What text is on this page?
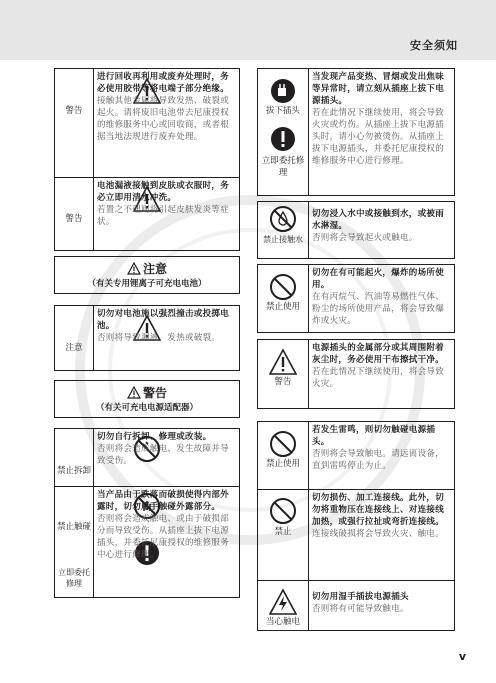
安全须知
警告
警告
进行回收再利用或废弃处理时，务必使用胶带等将电端子部分绝缘。
接触其他金属将导致发热、破裂或起火。请将废旧电池带去尼康授权的维修服务中心或回收商，或者根据当地法规进行废弃处理。
电池漏液接触到皮肤或衣服时，务必立即用清水冲洗。
若置之不理则将引起皮肤发炎等症状。
注意
（有关专用锂离子可充电电池）
注意
切勿对电池施以强烈撞击或投掷电池。
否则将导致漏液、发热或破裂。
警告
（有关可充电电源适配器）
禁止拆卸
禁止触碰
立即委托修理
切勿自行拆卸、修理或改装。
否则将会造成触电、发生故障并导致受伤。
当产品由于跌落而破损使得内部外露时，切勿用手触碰外露部分。
否则将会造成触电、或由于破损部分而导致受伤。从插座上拔下电源插头，并委托尼康授权的维修服务中心进行修理。
拔下插头
立即委托修理
当发现产品变热、冒烟或发出焦味等异常时，请立刻从插座上拔下电源插头。
若在此情况下继续使用，将会导致火灾或灼伤。从插座上拔下电源插头时，请小心勿被烫伤。从插座上拔下电源插头，并委托尼康授权的维修服务中心进行修理。
禁止接触水
切勿浸入水中或接触到水，或被雨水淋湿。
否则将会导致起火或触电。
禁止使用
切勿在有可能起火，爆炸的场所使用。
在有丙烷气、汽油等易燃性气体、粉尘的场所使用产品，将会导致爆炸或火灾。
警告
电源插头的金属部分或其周围附着灰尘时，务必使用干布擦拭干净。
若在此情况下继续使用，将会导致火灾。
禁止使用
禁止
当心触电
若发生雷鸣，则切勿触碰电源插头。
否则将会导致触电。请远离设备，直到雷鸣停止为止。
切勿损伤、加工连接线。此外，切勿将重物压在连接线上、对连接线加热，或强行拉扯或弯折连接线。
连接线破损将会导致火灾、触电。
切勿用湿手插拔电源插头
否则将有可能导致触电。
v
